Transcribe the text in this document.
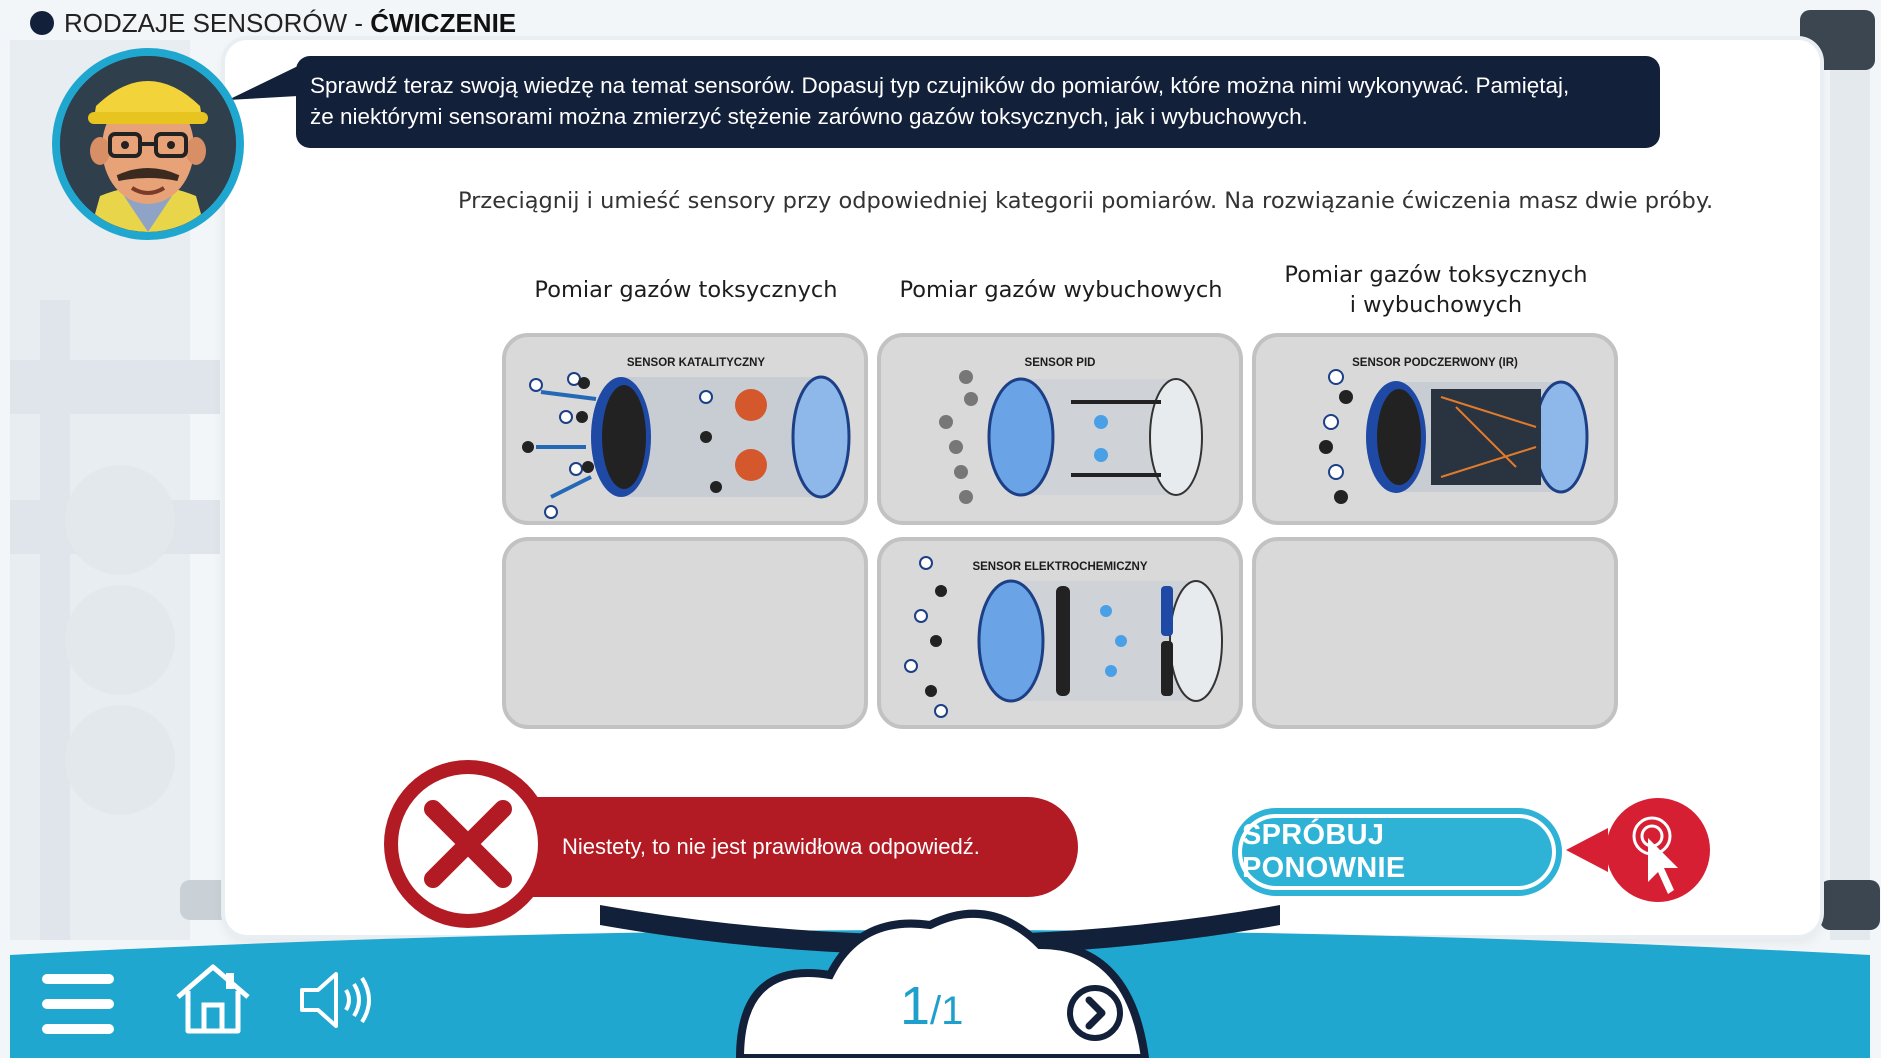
RODZAJE SENSORÓW - ĆWICZENIE
Sprawdź teraz swoją wiedzę na temat sensorów. Dopasuj typ czujników do pomiarów, które można nimi wykonywać. Pamiętaj,
że niektórymi sensorami można zmierzyć stężenie zarówno gazów toksycznych, jak i wybuchowych.
Przeciągnij i umieść sensory przy odpowiedniej kategorii pomiarów. Na rozwiązanie ćwiczenia masz dwie próby.
Pomiar gazów toksycznych	Pomiar gazów wybuchowych
Pomiar gazów toksycznych
i wybuchowych
SENSOR KATALITYCZNY	SENSOR PID	SENSOR PODCZERWONY (IR)
SENSOR ELEKTROCHEMICZNY
Niestety, to nie jest prawidłowa odpowiedź.	SPRÓBUJ PONOWNIE
1/1
